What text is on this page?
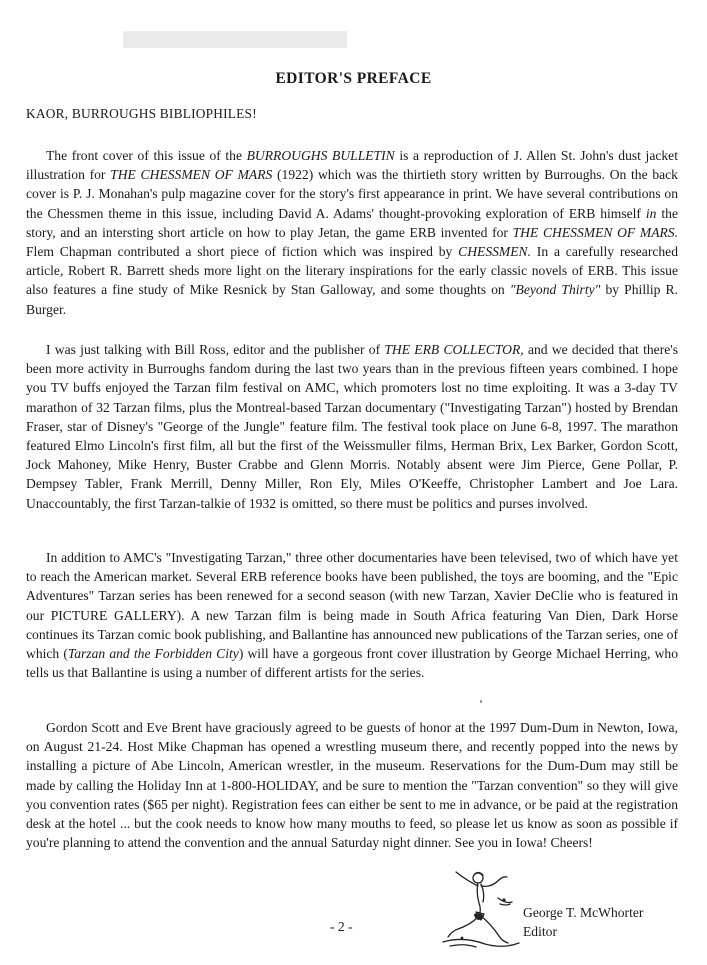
▬▬▬▬
EDITOR'S PREFACE
KAOR, BURROUGHS BIBLIOPHILES!

The front cover of this issue of the BURROUGHS BULLETIN is a reproduction of J. Allen St. John's dust jacket illustration for THE CHESSMEN OF MARS (1922) which was the thirtieth story written by Burroughs. On the back cover is P. J. Monahan's pulp magazine cover for the story's first appearance in print. We have several contributions on the Chessmen theme in this issue, including David A. Adams' thought-provoking exploration of ERB himself in the story, and an intersting short article on how to play Jetan, the game ERB invented for THE CHESSMEN OF MARS. Flem Chapman contributed a short piece of fiction which was inspired by CHESSMEN. In a carefully researched article, Robert R. Barrett sheds more light on the literary inspirations for the early classic novels of ERB. This issue also features a fine study of Mike Resnick by Stan Galloway, and some thoughts on "Beyond Thirty" by Phillip R. Burger.

I was just talking with Bill Ross, editor and the publisher of THE ERB COLLECTOR, and we decided that there's been more activity in Burroughs fandom during the last two years than in the previous fifteen years combined. I hope you TV buffs enjoyed the Tarzan film festival on AMC, which promoters lost no time exploiting. It was a 3-day TV marathon of 32 Tarzan films, plus the Montreal-based Tarzan documentary ("Investigating Tarzan") hosted by Brendan Fraser, star of Disney's "George of the Jungle" feature film. The festival took place on June 6-8, 1997. The marathon featured Elmo Lincoln's first film, all but the first of the Weissmuller films, Herman Brix, Lex Barker, Gordon Scott, Jock Mahoney, Mike Henry, Buster Crabbe and Glenn Morris. Notably absent were Jim Pierce, Gene Pollar, P. Dempsey Tabler, Frank Merrill, Denny Miller, Ron Ely, Miles O'Keeffe, Christopher Lambert and Joe Lara. Unaccountably, the first Tarzan-talkie of 1932 is omitted, so there must be politics and purses involved.

In addition to AMC's "Investigating Tarzan," three other documentaries have been televised, two of which have yet to reach the American market. Several ERB reference books have been published, the toys are booming, and the "Epic Adventures" Tarzan series has been renewed for a second season (with new Tarzan, Xavier DeClie who is featured in our PICTURE GALLERY). A new Tarzan film is being made in South Africa featuring Van Dien, Dark Horse continues its Tarzan comic book publishing, and Ballantine has announced new publications of the Tarzan series, one of which (Tarzan and the Forbidden City) will have a gorgeous front cover illustration by George Michael Herring, who tells us that Ballantine is using a number of different artists for the series.

Gordon Scott and Eve Brent have graciously agreed to be guests of honor at the 1997 Dum-Dum in Newton, Iowa, on August 21-24. Host Mike Chapman has opened a wrestling museum there, and recently popped into the news by installing a picture of Abe Lincoln, American wrestler, in the museum. Reservations for the Dum-Dum may still be made by calling the Holiday Inn at 1-800-HOLIDAY, and be sure to mention the "Tarzan convention" so they will give you convention rates ($65 per night). Registration fees can either be sent to me in advance, or be paid at the registration desk at the hotel ... but the cook needs to know how many mouths to feed, so please let us know as soon as possible if you're planning to attend the convention and the annual Saturday night dinner. See you in Iowa! Cheers!

- 2 -
George T. McWhorter
Editor
